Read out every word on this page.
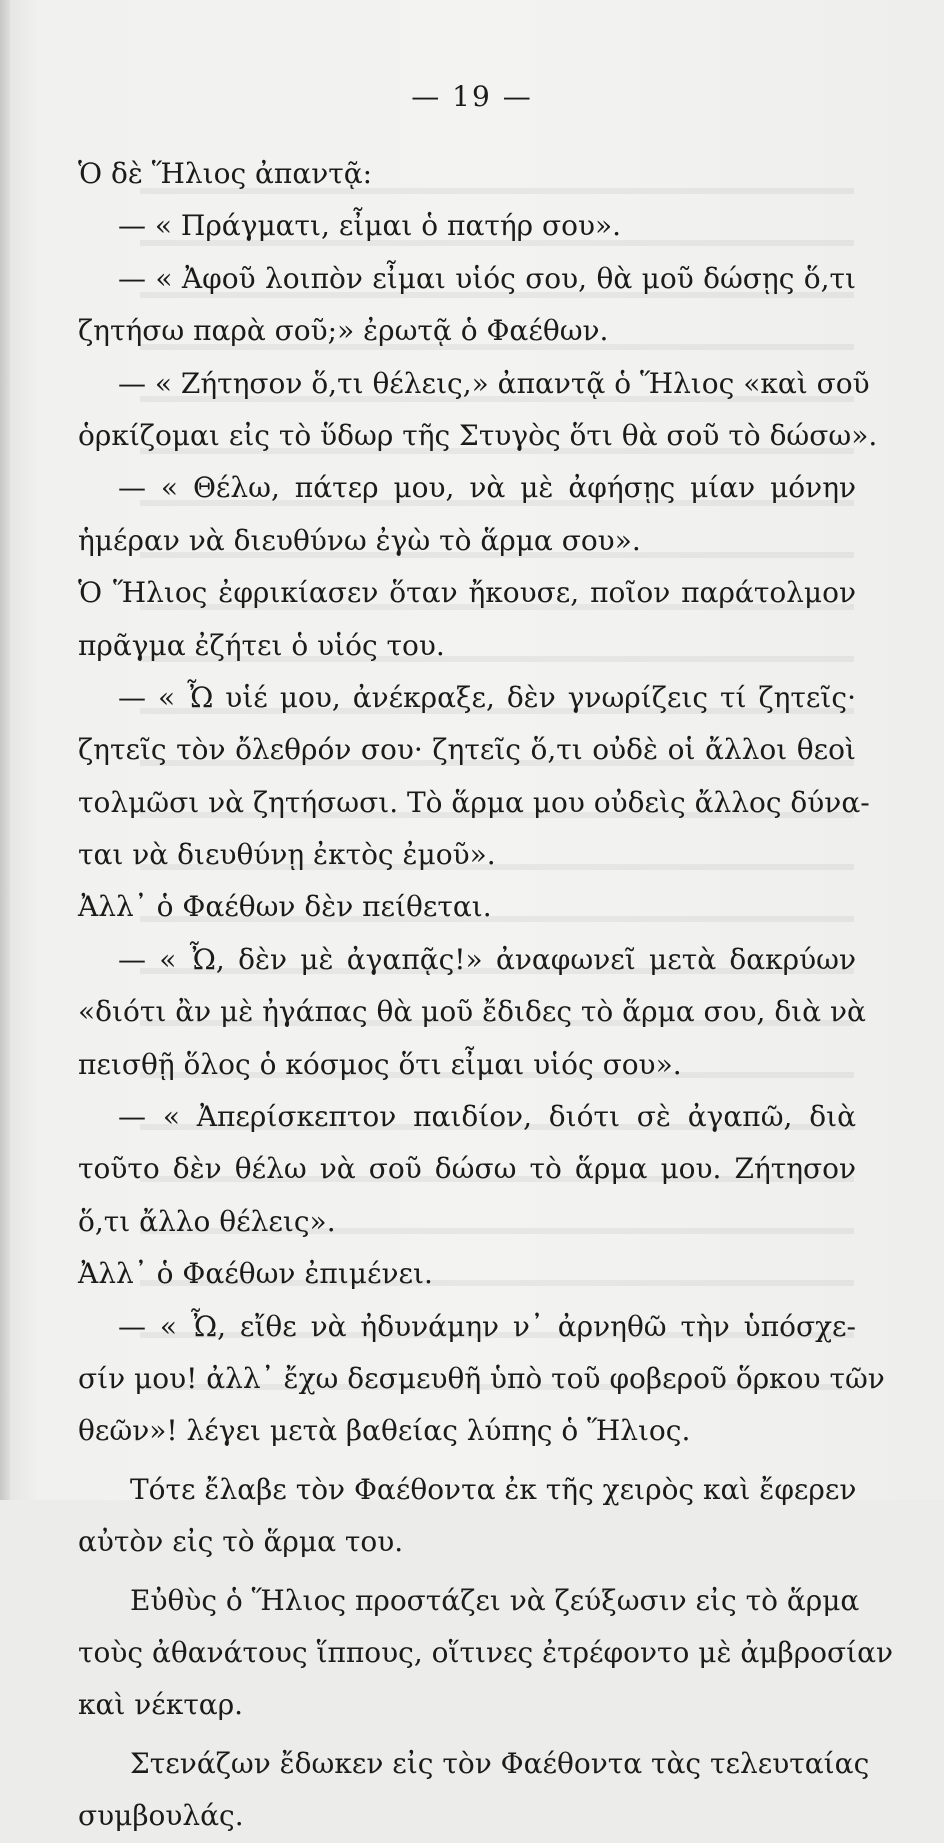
— 19 —
Ὁ δὲ Ἥλιος ἀπαντᾷ:
— « Πράγματι, εἶμαι ὁ πατήρ σου».
— « Ἀφοῦ λοιπὸν εἶμαι υἱός σου, θὰ μοῦ δώσῃς ὅ,τι
ζητήσω παρὰ σοῦ;» ἐρωτᾷ ὁ Φαέθων.
— « Ζήτησον ὅ,τι θέλεις,» ἀπαντᾷ ὁ Ἥλιος «καὶ σοῦ
ὁρκίζομαι εἰς τὸ ὕδωρ τῆς Στυγὸς ὅτι θὰ σοῦ τὸ δώσω».
— « Θέλω, πάτερ μου, νὰ μὲ ἀφήσῃς μίαν μόνην
ἡμέραν νὰ διευθύνω ἐγὼ τὸ ἅρμα σου».
Ὁ Ἥλιος ἐφρικίασεν ὅταν ἤκουσε, ποῖον παράτολμον
πρᾶγμα ἐζήτει ὁ υἱός του.
— « Ὦ υἱέ μου, ἀνέκραξε, δὲν γνωρίζεις τί ζητεῖς·
ζητεῖς τὸν ὄλεθρόν σου· ζητεῖς ὅ,τι οὐδὲ οἱ ἄλλοι θεοὶ
τολμῶσι νὰ ζητήσωσι. Τὸ ἅρμα μου οὐδεὶς ἄλλος δύνα-
ται νὰ διευθύνῃ ἐκτὸς ἐμοῦ».
Ἀλλ᾽ ὁ Φαέθων δὲν πείθεται.
— « Ὦ, δὲν μὲ ἀγαπᾷς!» ἀναφωνεῖ μετὰ δακρύων
«διότι ἂν μὲ ἠγάπας θὰ μοῦ ἔδιδες τὸ ἅρμα σου, διὰ νὰ
πεισθῇ ὅλος ὁ κόσμος ὅτι εἶμαι υἱός σου».
— « Ἀπερίσκεπτον παιδίον, διότι σὲ ἀγαπῶ, διὰ
τοῦτο δὲν θέλω νὰ σοῦ δώσω τὸ ἅρμα μου. Ζήτησον
ὅ,τι ἄλλο θέλεις».
Ἀλλ᾽ ὁ Φαέθων ἐπιμένει.
— « Ὦ, εἴθε νὰ ἠδυνάμην ν᾽ ἀρνηθῶ τὴν ὑπόσχε-
σίν μου! ἀλλ᾽ ἔχω δεσμευθῆ ὑπὸ τοῦ φοβεροῦ ὅρκου τῶν
θεῶν»! λέγει μετὰ βαθείας λύπης ὁ Ἥλιος.
Τότε ἔλαβε τὸν Φαέθοντα ἐκ τῆς χειρὸς καὶ ἔφερεν
αὐτὸν εἰς τὸ ἅρμα του.
Εὐθὺς ὁ Ἥλιος προστάζει νὰ ζεύξωσιν εἰς τὸ ἅρμα
τοὺς ἀθανάτους ἵππους, οἵτινες ἐτρέφοντο μὲ ἀμβροσίαν
καὶ νέκταρ.
Στενάζων ἔδωκεν εἰς τὸν Φαέθοντα τὰς τελευταίας
συμβουλάς.
